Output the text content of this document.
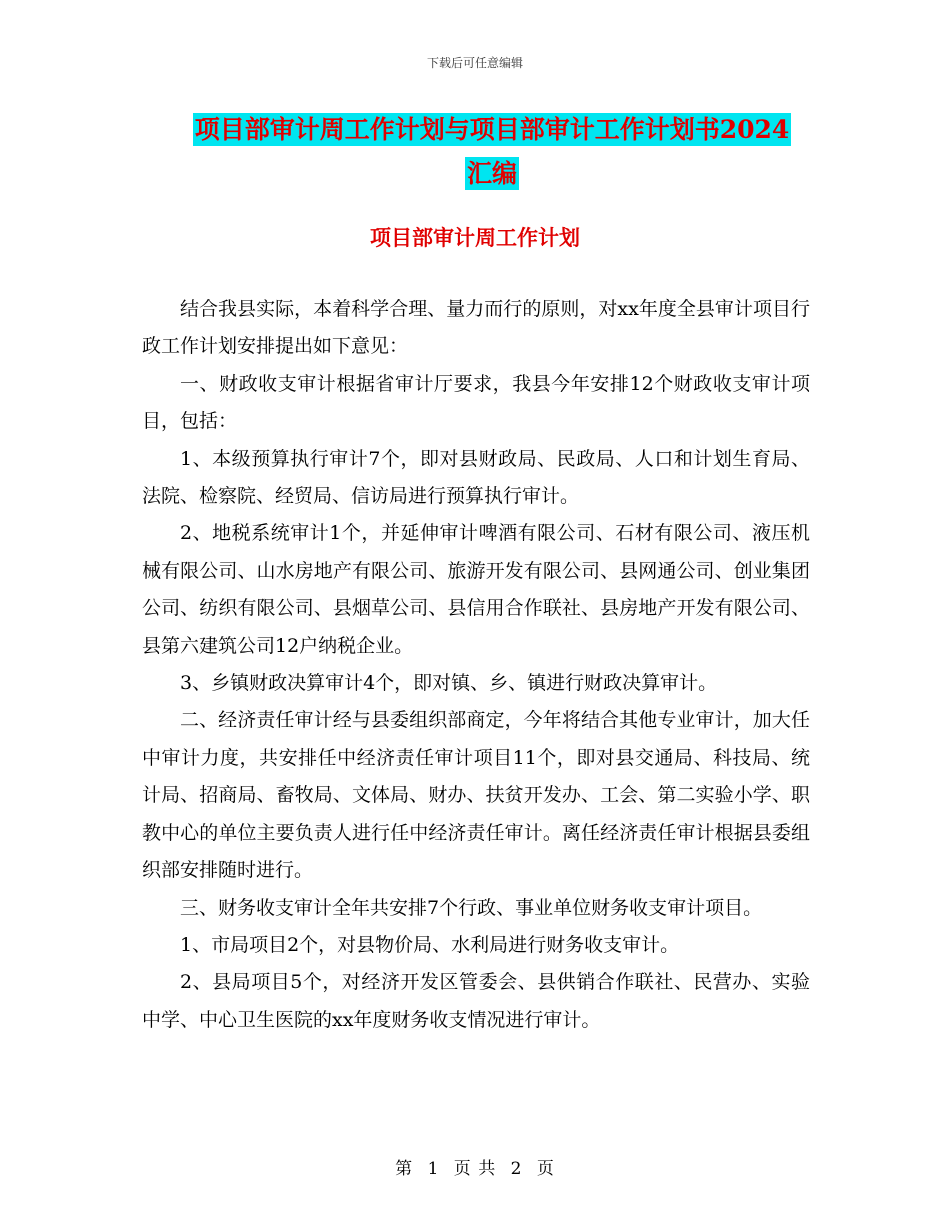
下载后可任意编辑
项目部审计周工作计划与项目部审计工作计划书2024
汇编
项目部审计周工作计划

结合我县实际，本着科学合理、量力而行的原则，对xx年度全县审计项目行政工作计划安排提出如下意见：

一、财政收支审计根据省审计厅要求，我县今年安排12个财政收支审计项目，包括：

1、本级预算执行审计7个，即对县财政局、民政局、人口和计划生育局、法院、检察院、经贸局、信访局进行预算执行审计。

2、地税系统审计1个，并延伸审计啤酒有限公司、石材有限公司、液压机械有限公司、山水房地产有限公司、旅游开发有限公司、县网通公司、创业集团公司、纺织有限公司、县烟草公司、县信用合作联社、县房地产开发有限公司、县第六建筑公司12户纳税企业。

3、乡镇财政决算审计4个，即对镇、乡、镇进行财政决算审计。

二、经济责任审计经与县委组织部商定，今年将结合其他专业审计，加大任中审计力度，共安排任中经济责任审计项目11个，即对县交通局、科技局、统计局、招商局、畜牧局、文体局、财办、扶贫开发办、工会、第二实验小学、职教中心的单位主要负责人进行任中经济责任审计。离任经济责任审计根据县委组织部安排随时进行。

三、财务收支审计全年共安排7个行政、事业单位财务收支审计项目。

1、市局项目2个，对县物价局、水利局进行财务收支审计。

2、县局项目5个，对经济开发区管委会、县供销合作联社、民营办、实验中学、中心卫生医院的xx年度财务收支情况进行审计。

第 1 页 共 2 页
